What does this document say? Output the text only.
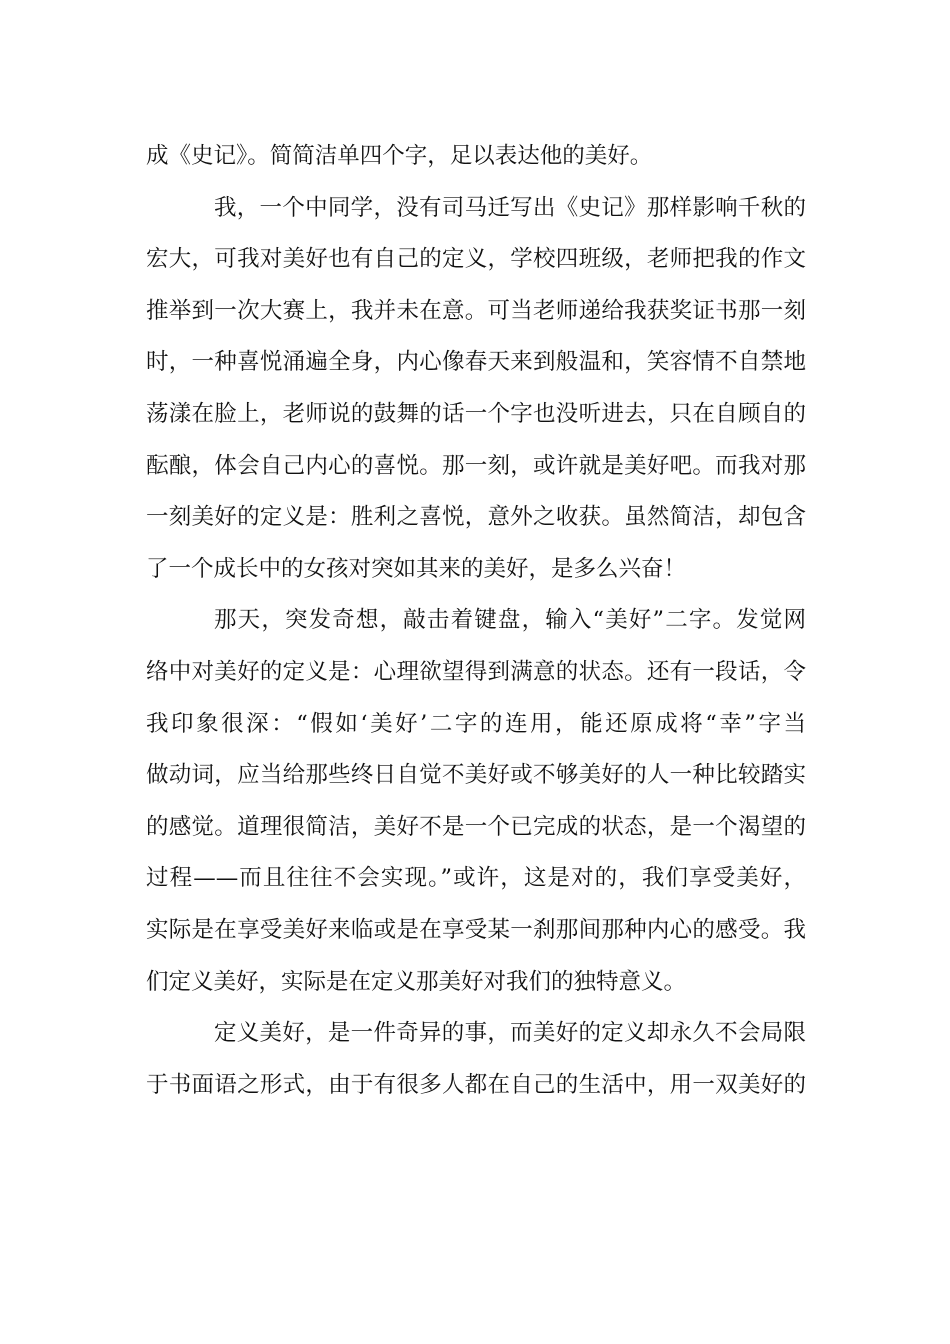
成《史记》。简简洁单四个字，足以表达他的美好。
我，一个中同学，没有司马迁写出《史记》那样影响千秋的
宏大，可我对美好也有自己的定义，学校四班级，老师把我的作文
推举到一次大赛上，我并未在意。可当老师递给我获奖证书那一刻
时，一种喜悦涌遍全身，内心像春天来到般温和，笑容情不自禁地
荡漾在脸上，老师说的鼓舞的话一个字也没听进去，只在自顾自的
酝酿，体会自己内心的喜悦。那一刻，或许就是美好吧。而我对那
一刻美好的定义是：胜利之喜悦，意外之收获。虽然简洁，却包含
了一个成长中的女孩对突如其来的美好，是多么兴奋！
那天，突发奇想，敲击着键盘，输入“美好”二字。发觉网
络中对美好的定义是：心理欲望得到满意的状态。还有一段话，令
我印象很深：“假如‘美好’二字的连用，能还原成将“幸”字当
做动词，应当给那些终日自觉不美好或不够美好的人一种比较踏实
的感觉。道理很简洁，美好不是一个已完成的状态，是一个渴望的
过程——而且往往不会实现。”或许，这是对的，我们享受美好，
实际是在享受美好来临或是在享受某一刹那间那种内心的感受。我
们定义美好，实际是在定义那美好对我们的独特意义。
定义美好，是一件奇异的事，而美好的定义却永久不会局限
于书面语之形式，由于有很多人都在自己的生活中，用一双美好的
